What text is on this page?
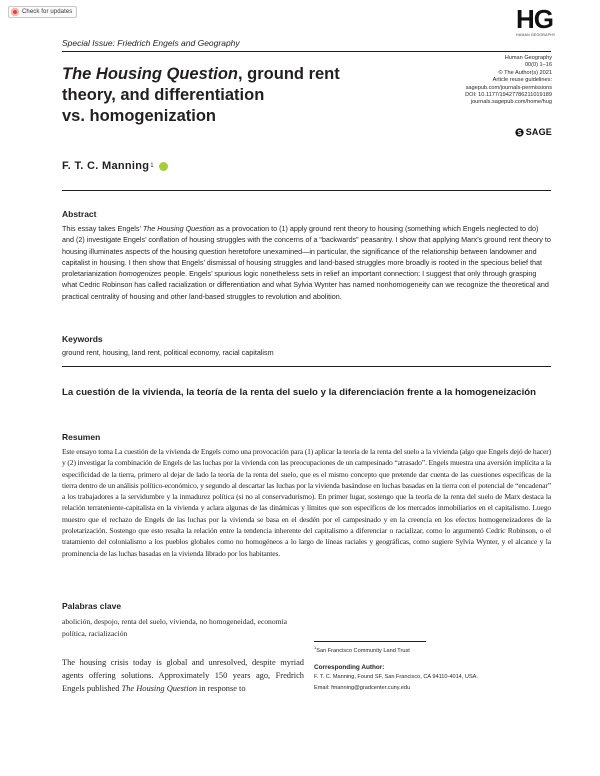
Check for updates	HG
HUMAN GEOGRAPHY
Special Issue: Friedrich Engels and Geography
The Housing Question, ground rent
theory, and differentiation
vs. homogenization
Human Geography
00(0) 1–16
© The Author(s) 2021
Article reuse guidelines:
sagepub.com/journals-permissions
DOI: 10.1177/19427786211019189
journals.sagepub.com/home/hug
SAGE
F. T. C. Manning 1
Abstract
This essay takes Engels’ The Housing Question as a provocation to (1) apply ground rent theory to housing (something which Engels neglected to do) and (2) investigate Engels’ conflation of housing struggles with the concerns of a “backwards” peasantry. I show that applying Marx’s ground rent theory to housing illuminates aspects of the housing question heretofore unexamined—in particular, the significance of the relationship between landowner and capitalist in housing. I then show that Engels’ dismissal of housing struggles and land-based struggles more broadly is rooted in the specious belief that proletarianization homogenizes people. Engels’ spurious logic nonetheless sets in relief an important connection: I suggest that only through grasping what Cedric Robinson has called racialization or differentiation and what Sylvia Wynter has named nonhomogeneity can we recognize the theoretical and practical centrality of housing and other land-based struggles to revolution and abolition.
Keywords
ground rent, housing, land rent, political economy, racial capitalism
La cuestión de la vivienda, la teoría de la renta del suelo y la diferenciación frente a la homogeneización
Resumen
Este ensayo toma La cuestión de la vivienda de Engels como una provocación para (1) aplicar la teoría de la renta del suelo a la vivienda (algo que Engels dejó de hacer) y (2) investigar la combinación de Engels de las luchas por la vivienda con las preocupaciones de un campesinado “atrasado”. Engels muestra una aversión implícita a la especificidad de la tierra, primero al dejar de lado la teoría de la renta del suelo, que es el mismo concepto que pretende dar cuenta de las cuestiones específicas de la tierra dentro de un análisis político-económico, y segundo al descartar las luchas por la vivienda basándose en luchas basadas en la tierra con el potencial de “encadenar” a los trabajadores a la servidumbre y la inmadurez política (si no al conservadurismo). En primer lugar, sostengo que la teoría de la renta del suelo de Marx destaca la relación terrateniente-capitalista en la vivienda y aclara algunas de las dinámicas y límites que son específicos de los mercados inmobiliarios en el capitalismo. Luego muestro que el rechazo de Engels de las luchas por la vivienda se basa en el desdén por el campesinado y en la creencia en los efectos homogeneizadores de la proletarización. Sostengo que esto resalta la relación entre la tendencia inherente del capitalismo a diferenciar o racializar, como lo argumentó Cedric Robinson, o el tratamiento del colonialismo a los pueblos globales como no homogéneos a lo largo de líneas raciales y geográficas, como sugiere Sylvia Wynter, y el alcance y la prominencia de las luchas basadas en la vivienda librado por los habitantes.
Palabras clave
abolición, despojo, renta del suelo, vivienda, no homogeneidad, economía política, racialización
The housing crisis today is global and unresolved, despite myriad agents offering solutions. Approximately 150 years ago, Fredrich Engels published The Housing Question in response to
$^1$San Francisco Community Land Trust
Corresponding Author:
F. T. C. Manning, Found SF, San Francisco, CA 94110-4014, USA.
Email: fmanning@gradcenter.cuny.edu
